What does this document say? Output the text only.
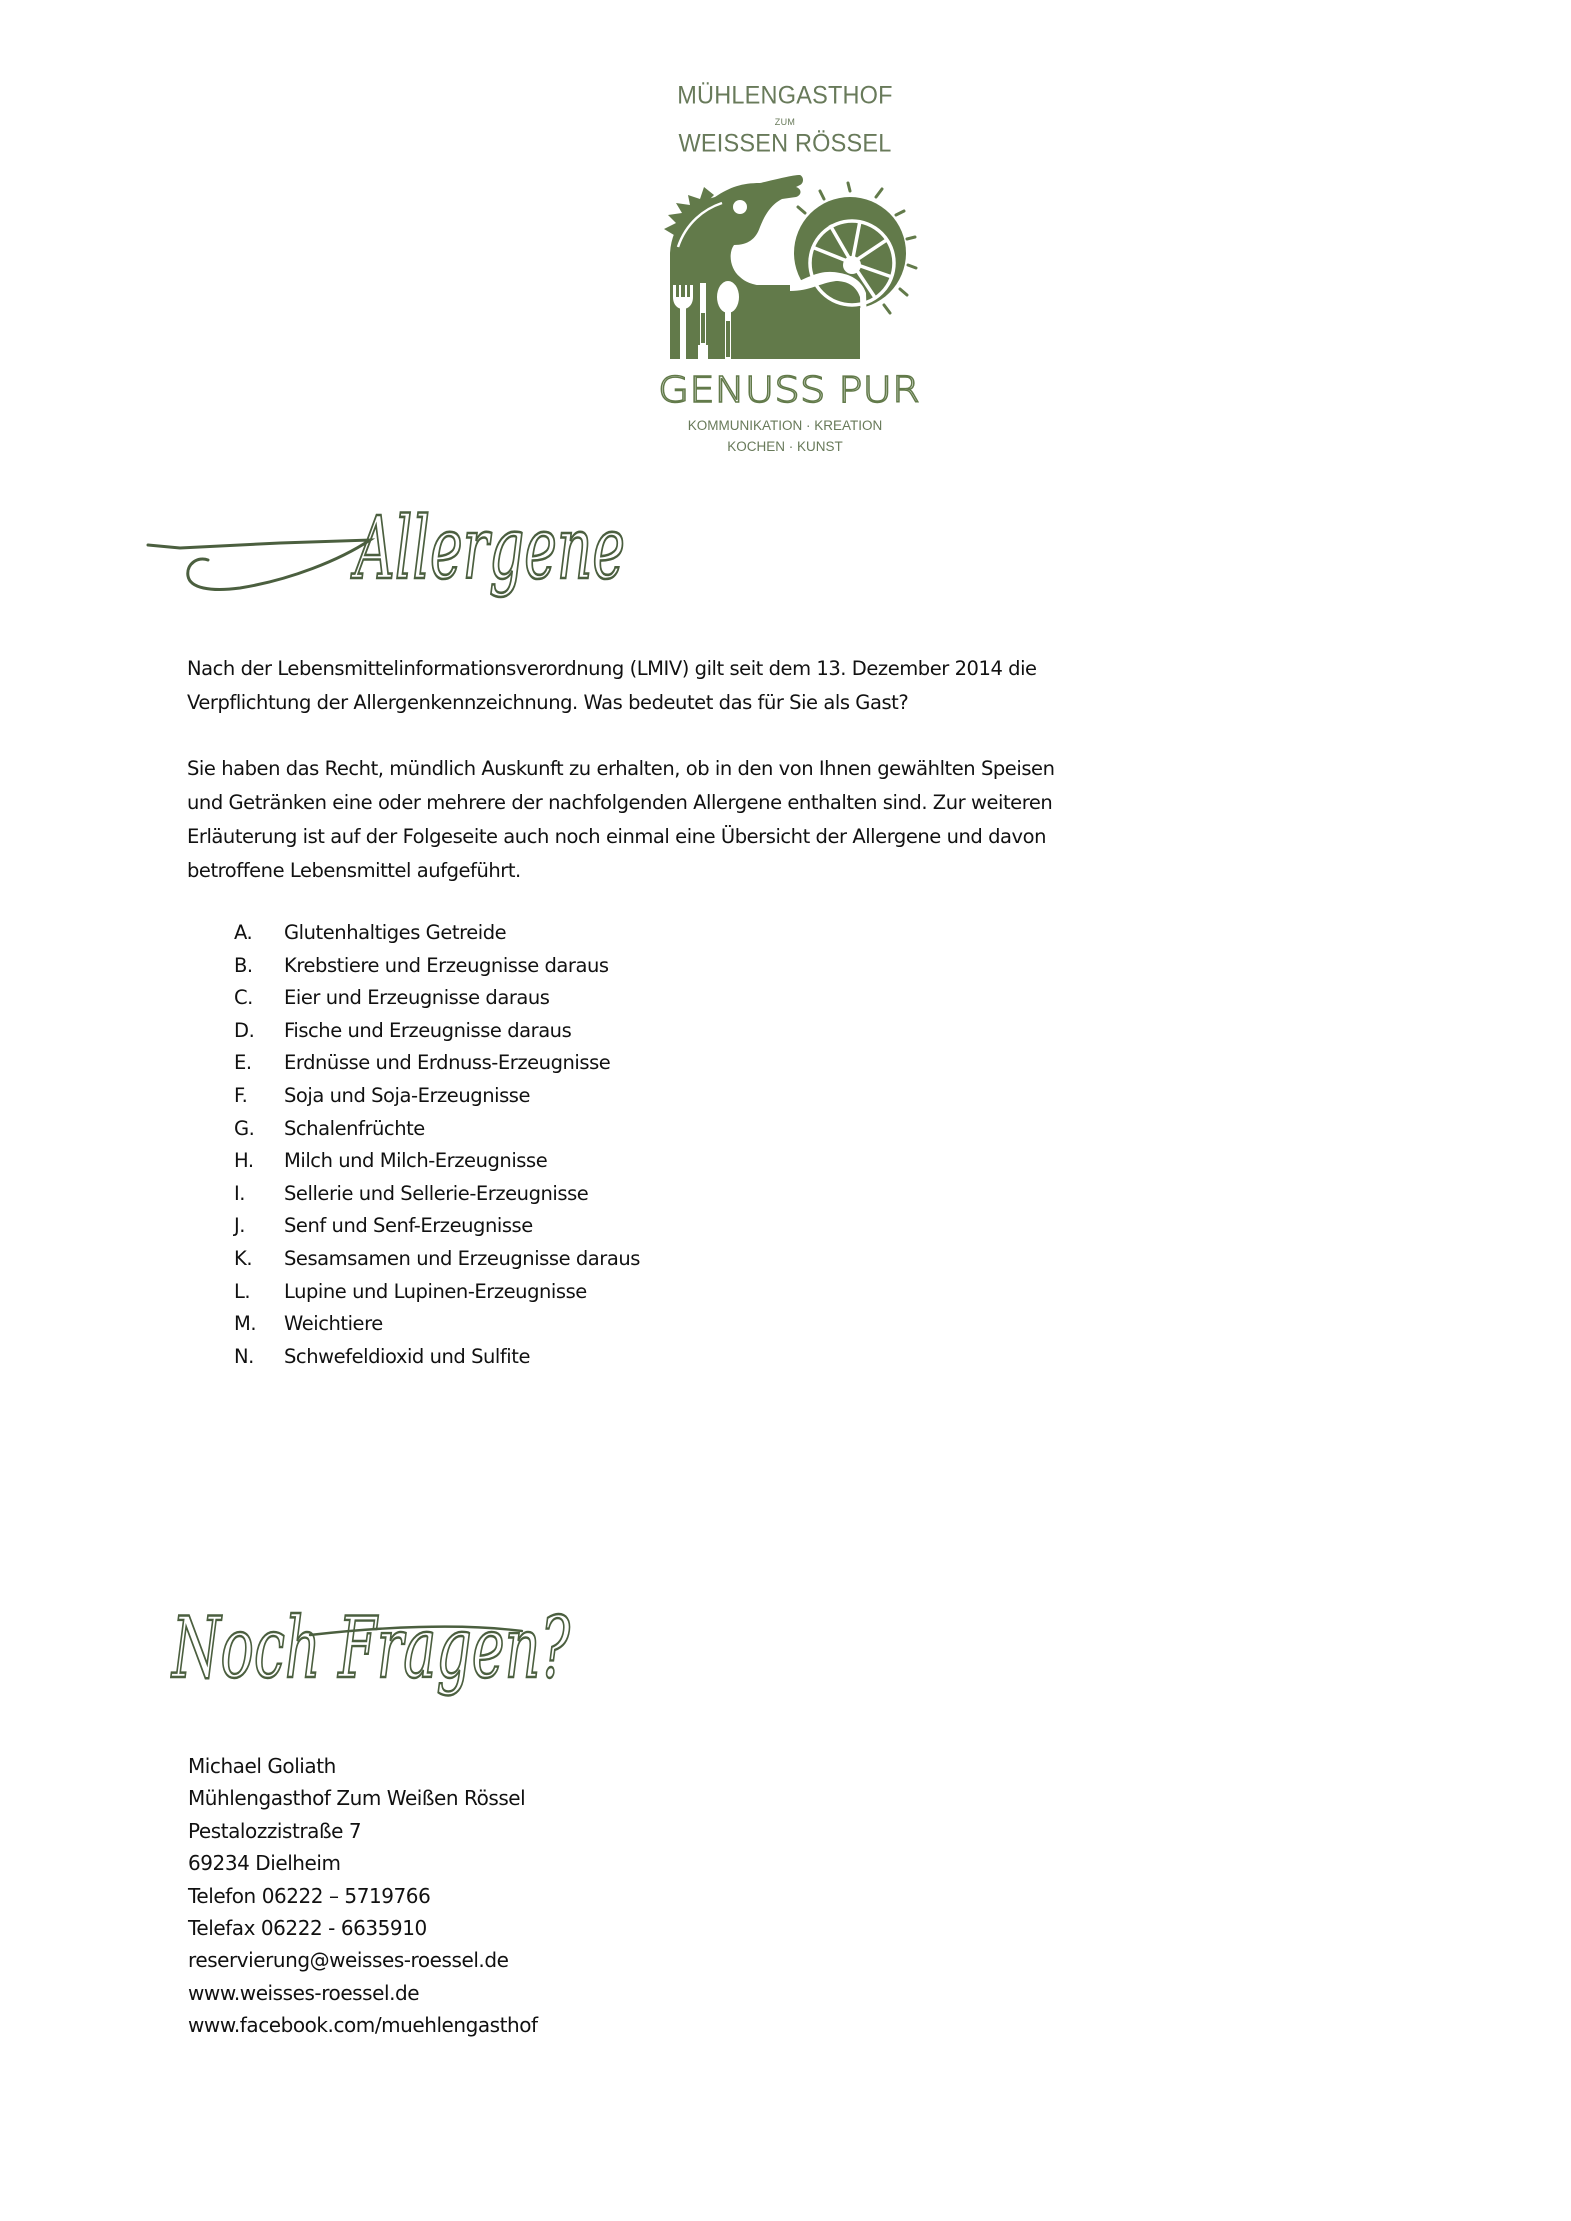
MÜHLENGASTHOF
ZUM
WEISSEN RÖSSEL
GENUSS PUR
KOMMUNIKATION · KREATION
KOCHEN · KUNST
Allergene

Nach der Lebensmittelinformationsverordnung (LMIV) gilt seit dem 13. Dezember 2014 die

Verpflichtung der Allergenkennzeichnung. Was bedeutet das für Sie als Gast?

Sie haben das Recht, mündlich Auskunft zu erhalten, ob in den von Ihnen gewählten Speisen

und Getränken eine oder mehrere der nachfolgenden Allergene enthalten sind. Zur weiteren

Erläuterung ist auf der Folgeseite auch noch einmal eine Übersicht der Allergene und davon

betroffene Lebensmittel aufgeführt.

A. Glutenhaltiges Getreide
B. Krebstiere und Erzeugnisse daraus
C. Eier und Erzeugnisse daraus
D. Fische und Erzeugnisse daraus
E. Erdnüsse und Erdnuss-Erzeugnisse
F. Soja und Soja-Erzeugnisse
G. Schalenfrüchte
H. Milch und Milch-Erzeugnisse
I. Sellerie und Sellerie-Erzeugnisse
J. Senf und Senf-Erzeugnisse
K. Sesamsamen und Erzeugnisse daraus
L. Lupine und Lupinen-Erzeugnisse
M. Weichtiere
N. Schwefeldioxid und Sulfite
Noch Fragen?
Michael Goliath
Mühlengasthof Zum Weißen Rössel
Pestalozzistraße 7
69234 Dielheim
Telefon 06222 – 5719766
Telefax 06222 - 6635910
reservierung@weisses-roessel.de
www.weisses-roessel.de
www.facebook.com/muehlengasthof
